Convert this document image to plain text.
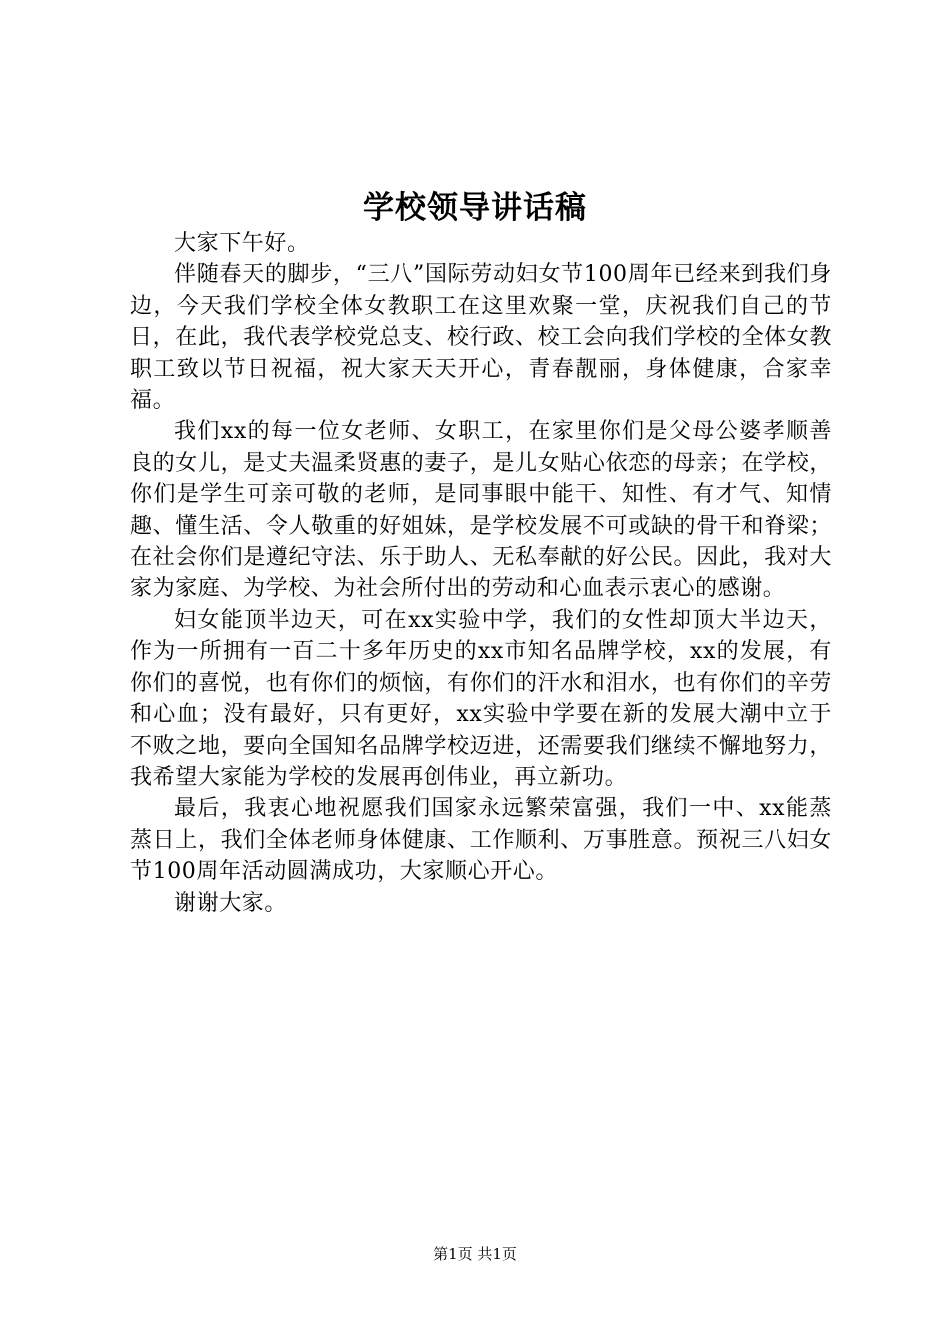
学校领导讲话稿

大家下午好。

伴随春天的脚步，“三八”国际劳动妇女节100周年已经来到我们身边，今天我们学校全体女教职工在这里欢聚一堂，庆祝我们自己的节日，在此，我代表学校党总支、校行政、校工会向我们学校的全体女教职工致以节日祝福，祝大家天天开心，青春靓丽，身体健康，合家幸福。

我们xx的每一位女老师、女职工，在家里你们是父母公婆孝顺善良的女儿，是丈夫温柔贤惠的妻子，是儿女贴心依恋的母亲；在学校，你们是学生可亲可敬的老师，是同事眼中能干、知性、有才气、知情趣、懂生活、令人敬重的好姐妹，是学校发展不可或缺的骨干和脊梁；在社会你们是遵纪守法、乐于助人、无私奉献的好公民。因此，我对大家为家庭、为学校、为社会所付出的劳动和心血表示衷心的感谢。

妇女能顶半边天，可在xx实验中学，我们的女性却顶大半边天，作为一所拥有一百二十多年历史的xx市知名品牌学校，xx的发展，有你们的喜悦，也有你们的烦恼，有你们的汗水和泪水，也有你们的辛劳和心血；没有最好，只有更好，xx实验中学要在新的发展大潮中立于不败之地，要向全国知名品牌学校迈进，还需要我们继续不懈地努力，我希望大家能为学校的发展再创伟业，再立新功。

最后，我衷心地祝愿我们国家永远繁荣富强，我们一中、xx能蒸蒸日上，我们全体老师身体健康、工作顺利、万事胜意。预祝三八妇女节100周年活动圆满成功，大家顺心开心。

谢谢大家。

第1页 共1页
